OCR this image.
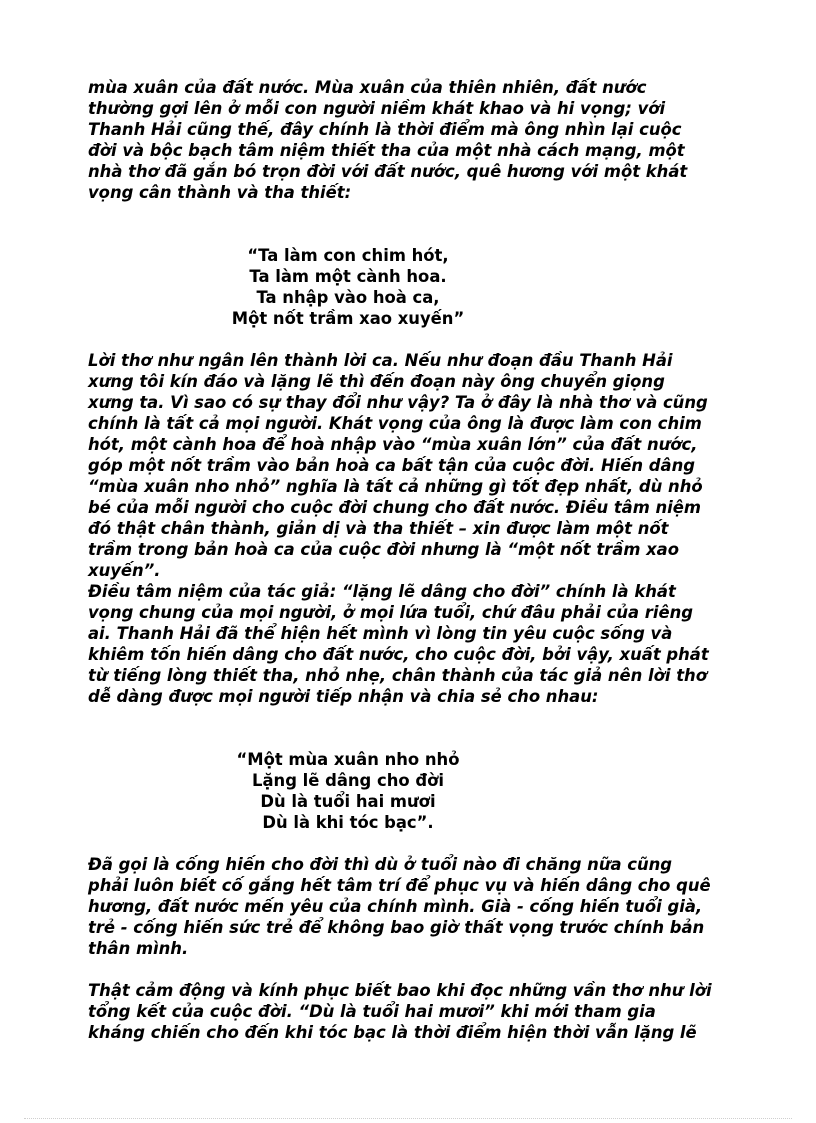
mùa xuân của đất nước. Mùa xuân của thiên nhiên, đất nước
thường gợi lên ở mỗi con người niềm khát khao và hi vọng; với
Thanh Hải cũng thế, đây chính là thời điểm mà ông nhìn lại cuộc
đời và bộc bạch tâm niệm thiết tha của một nhà cách mạng, một
nhà thơ đã gắn bó trọn đời với đất nước, quê hương với một khát
vọng cân thành và tha thiết:

“Ta làm con chim hót,
Ta làm một cành hoa.
Ta nhập vào hoà ca,
Một nốt trầm xao xuyến”

Lời thơ như ngân lên thành lời ca. Nếu như đoạn đầu Thanh Hải
xưng tôi kín đáo và lặng lẽ thì đến đoạn này ông chuyển giọng
xưng ta. Vì sao có sự thay đổi như vậy? Ta ở đây là nhà thơ và cũng
chính là tất cả mọi người. Khát vọng của ông là được làm con chim
hót, một cành hoa để hoà nhập vào “mùa xuân lớn” của đất nước,
góp một nốt trầm vào bản hoà ca bất tận của cuộc đời. Hiến dâng
“mùa xuân nho nhỏ” nghĩa là tất cả những gì tốt đẹp nhất, dù nhỏ
bé của mỗi người cho cuộc đời chung cho đất nước. Điều tâm niệm
đó thật chân thành, giản dị và tha thiết – xin được làm một nốt
trầm trong bản hoà ca của cuộc đời nhưng là “một nốt trầm xao
xuyến”.

Điều tâm niệm của tác giả: “lặng lẽ dâng cho đời” chính là khát
vọng chung của mọi người, ở mọi lứa tuổi, chứ đâu phải của riêng
ai. Thanh Hải đã thể hiện hết mình vì lòng tin yêu cuộc sống và
khiêm tốn hiến dâng cho đất nước, cho cuộc đời, bởi vậy, xuất phát
từ tiếng lòng thiết tha, nhỏ nhẹ, chân thành của tác giả nên lời thơ
dễ dàng được mọi người tiếp nhận và chia sẻ cho nhau:

“Một mùa xuân nho nhỏ
Lặng lẽ dâng cho đời
Dù là tuổi hai mươi
Dù là khi tóc bạc”.

Đã gọi là cống hiến cho đời thì dù ở tuổi nào đi chăng nữa cũng
phải luôn biết cố gắng hết tâm trí để phục vụ và hiến dâng cho quê
hương, đất nước mến yêu của chính mình. Già - cống hiến tuổi già,
trẻ - cống hiến sức trẻ để không bao giờ thất vọng trước chính bản
thân mình.

Thật cảm động và kính phục biết bao khi đọc những vần thơ như lời
tổng kết của cuộc đời. “Dù là tuổi hai mươi” khi mới tham gia
kháng chiến cho đến khi tóc bạc là thời điểm hiện thời vẫn lặng lẽ
